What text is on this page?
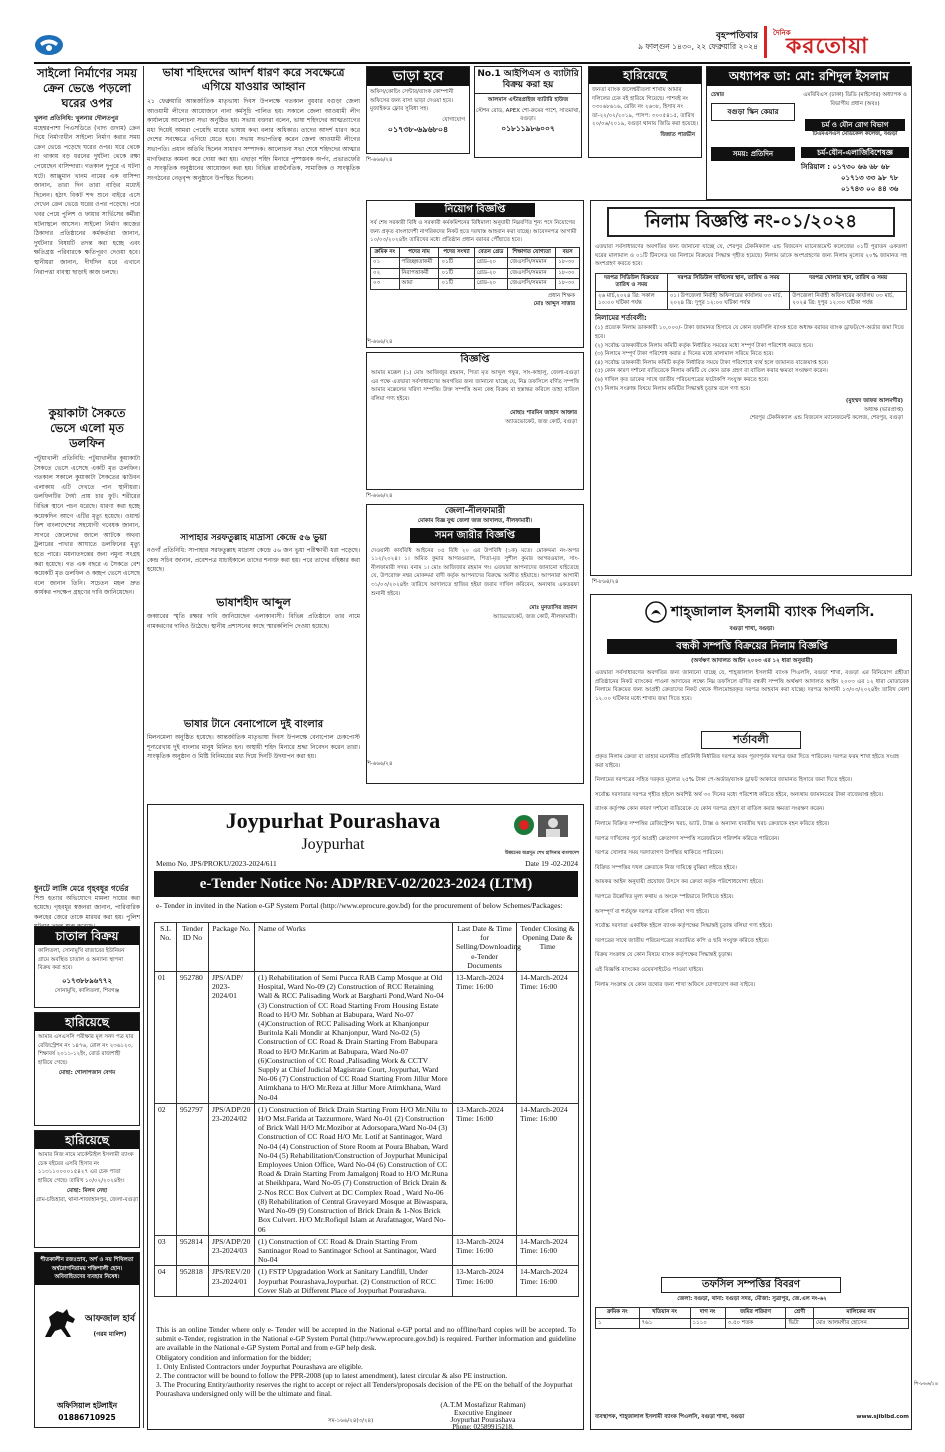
বৃহস্পতিবার
৯ ফাল্গুন ১৪৩০, ২২ ফেব্রুয়ারি ২০২৪
দৈনিক
করতোয়া
সাইলো নির্মাণের সময় ক্রেন ভেঙে পড়লো ঘরের ওপর
খুলনা প্রতিনিধি: খুলনার দৌলতপুর
মহেশ্বরপাশা পিএসডিতে (খাদ্য গুদাম) ক্রেন দিয়ে নির্মাণাধীন সাইলো নির্মাণ করার সময় ক্রেন ভেঙে পড়েছে ঘরের ওপর। ঘরে থেকে না থাকায় বড় ধরনের দুর্ঘটনা থেকে রক্ষা পেয়েছেন বাসিন্দারা। গতকাল দুপুরে এ ঘটনা ঘটে। আঞ্জুমান খানম নামের এক বাসিন্দা জানান, তারা দিন তারা বাড়ির মধ্যেই ছিলেন। হঠাৎ বিকট শব্দ শুনে বাইরে এসে দেখেন ক্রেন ভেঙে ঘরের ওপর পড়েছে। পরে খবর পেয়ে পুলিশ ও ফায়ার সার্ভিসের কর্মীরা ঘটনাস্থলে আসেন। সাইলো নির্মাণ কাজের ঠিকাদার প্রতিষ্ঠানের কর্মকর্তারা জানান, দুর্ঘটনার বিষয়টি তদন্ত করা হচ্ছে এবং ক্ষতিগ্রস্ত পরিবারকে ক্ষতিপূরণ দেওয়া হবে। স্থানীয়রা জানান, দীর্ঘদিন ধরে এখানে নিরাপত্তা ব্যবস্থা ছাড়াই কাজ চলছে।
কুয়াকাটা সৈকতে ভেসে এলো মৃত ডলফিন
পটুয়াখালী প্রতিনিধি: পটুয়াখালীর কুয়াকাটা সৈকতে ভেসে এসেছে একটি মৃত ডলফিন। গতকাল সকালে কুয়াকাটা সৈকতের ঝাউবন এলাকায় এটি দেখতে পান স্থানীয়রা। ডলফিনটির দৈর্ঘ্য প্রায় চার ফুট। শরীরের বিভিন্ন স্থানে পচন ধরেছে। ধারণা করা হচ্ছে কয়েকদিন আগে এটির মৃত্যু হয়েছে। ওয়ার্ল্ড ফিশ বাংলাদেশের সহযোগী গবেষক জানান, সাগরে জেলেদের জালে আটকে অথবা ট্রলারের পাখার আঘাতে ডলফিনের মৃত্যু হতে পারে। ময়নাতদন্তের জন্য নমুনা সংগ্রহ করা হয়েছে। গত এক বছরে এ সৈকতে বেশ কয়েকটি মৃত ডলফিন ও কচ্ছপ ভেসে এসেছে বলে জানান তিনি। সচেতন মহল দ্রুত কার্যকর পদক্ষেপ গ্রহণের দাবি জানিয়েছেন।
ধুনটে লাঙ্গি মেরে গৃহবধূর গর্ভের
শিশু হত্যার অভিযোগে মামলা দায়ের করা হয়েছে। গৃহবধূর স্বজনরা জানান, পারিবারিক কলহের জেরে তাকে মারধর করা হয়। পুলিশ
চাতাল বিক্রয়
কালিতলা, সোনামুখি বাজারের ইউনিয়ন গ্রামে অবস্থিত চাতাল ও অন্যান্য স্থাপনা বিক্রয় করা হবে।
০১৭৩৮৮৯৬৭৭২
সোনামুখি, কালিতলা, শিবগঞ্জ
হারিয়েছে
আমার এসএসসি পরীক্ষার মূল সনদ পত্র যার রেজিস্ট্রেশন নং ১৪৭৬, রোল নং ২৩৬১২০, শিক্ষাবর্ষ ২০১১-১২ইং, বোর্ড রাজশাহী হারিয়ে গেছে।
মোছা: গোলাপজান বেগম
হারিয়েছে
আমার নিজ নামে মার্কেন্টাইল ইসলামী ব্যাংক চেক বইয়ের এসবি হিসাব নং ১১৩১১০০০০১৫৪২৭ এর চেক পাতা হারিয়ে গেছে। তারিখ ১০/০২/২০২৪ইং।
মোছা: মিলন নেছা
গ্রাম-চন্ডিহারা, থানা-শাজাহানপুর, জেলা-বগুড়া
শীতকালীন রজঃস্রাব, অর্শ ও নয় শিথিলতা অর্শ্বরোগনিরাময় শক্তিশালী হোন। অবিবাহিতদের ব্যবহার নিষেধ।
আফজাল হার্ব
(গরম মালিশ)
অফিসিয়াল হটলাইন 01886710925
ভাষা শহিদদের আদর্শ ধারণ করে সবক্ষেত্রে এগিয়ে যাওয়ার আহ্বান
২১ ফেব্রুয়ারি আন্তর্জাতিক মাতৃভাষা দিবস উপলক্ষে গতকাল বুধবার বগুড়া জেলা আওয়ামী লীগের আয়োজনে নানা কর্মসূচি পালিত হয়। সকালে জেলা আওয়ামী লীগ কার্যালয়ে আলোচনা সভা অনুষ্ঠিত হয়। সভায় বক্তারা বলেন, ভাষা শহিদদের আত্মত্যাগের মধ্য দিয়েই আমরা পেয়েছি মায়ের ভাষায় কথা বলার অধিকার। তাদের আদর্শ ধারণ করে দেশের সবক্ষেত্রে এগিয়ে যেতে হবে। সভায় সভাপতিত্ব করেন জেলা আওয়ামী লীগের সভাপতি। প্রধান অতিথি ছিলেন সাধারণ সম্পাদক। আলোচনা সভা শেষে শহিদদের আত্মার মাগফিরাত কামনা করে দোয়া করা হয়। এছাড়া শহিদ মিনারে পুষ্পস্তবক অর্পণ, প্রভাতফেরি ও সাংস্কৃতিক অনুষ্ঠানের আয়োজন করা হয়। বিভিন্ন রাজনৈতিক, সামাজিক ও সাংস্কৃতিক সংগঠনের নেতৃবৃন্দ অনুষ্ঠানে উপস্থিত ছিলেন।
সাপাহার সরফতুল্লাহ মাদ্রাসা কেন্দ্রে ৫৬ ভুয়া
নওগাঁ প্রতিনিধি: সাপাহার সরফতুল্লাহ মাদ্রাসা কেন্দ্রে ৫৬ জন ভুয়া পরীক্ষার্থী ধরা পড়েছে। কেন্দ্র সচিব জানান, প্রবেশপত্র যাচাইকালে তাদের শনাক্ত করা হয়। পরে তাদের বহিষ্কার করা হয়েছে।
ভাষাশহীদ আব্দুল
জব্বারের স্মৃতি রক্ষার দাবি জানিয়েছেন এলাকাবাসী। বিভিন্ন প্রতিষ্ঠানে তার নামে নামকরণের দাবিও উঠেছে। স্থানীয় প্রশাসনের কাছে স্মারকলিপি দেওয়া হয়েছে।
ভাষার টানে বেনাপোলে দুই বাংলার
মিলনমেলা অনুষ্ঠিত হয়েছে। আন্তর্জাতিক মাতৃভাষা দিবস উপলক্ষে বেনাপোল চেকপোস্ট শূন্যরেখায় দুই বাংলার মানুষ মিলিত হন। অস্থায়ী শহিদ মিনারে শ্রদ্ধা নিবেদন করেন তারা। সাংস্কৃতিক অনুষ্ঠান ও মিষ্টি বিনিময়ের মধ্য দিয়ে দিনটি উদযাপন করা হয়।
ভাড়া হবে
অফিস/কোচিং সেন্টার/ব্যাংক কোম্পানী অফিসের জন্য বাসা ভাড়া দেওয়া হবে। মুজাইকড ফ্লোর সুবিধা সহ।
যোগাযোগ
০১৭৩৮-৬৯৬৮০৪
শি-৬৬৬/২৪
No.1 আইপিএস ও ব্যাটারি বিক্রয় করা হয়
আলমাস এন্টারপ্রাইজ ব্যাটারি হাউজ
স্টেশন রোড, APEX শো-রুমের পাশে, সাতমাথা, বগুড়া।
০১৮১১৯৮৬০০৭
হারিয়েছে
জনতা ব্যাংক জলেশ্বরীতলা শাখায় আমার দলিলের চেক বই হারিয়ে গিয়েছে। পাশবই নং ৩৩০৬৮৬১৬, রেজি নং ২৬৩৮, হিসাব নং তা-২২/০২/২০১৯, পাসপ: ৩০০৫৪১৫, তারিখ ২০/০৬/২০১৯, বগুড়া থানায় জিডি করা হয়েছে।
জিন্নাত পারভীন
অধ্যাপক ডা: মো: রশিদুল ইসলাম
চেম্বার
বগুড়া স্কিন কেয়ার
সময়: প্রতিদিন
এমবিবিএস (ঢাকা) ডিডি (মাইসোর) অধ্যাপক ও বিভাগীয় প্রধান (অবঃ)
চর্ম ও যৌন রোগ বিভাগ
টিএমএসএস মেডিকেল কলেজ, বগুড়া
চর্ম-যৌন-এলার্জিবিশেষজ্ঞ
সিরিয়াল : ০১৭৩০ ৬৬ ৬৮ ৬৮
০১৭১৩ ৩৩ ৯৮ ৭৮
০১৭৪৩ ০০ ৪৪ ৩৬
নিয়োগ বিজ্ঞপ্তি
সর্ব শেষ সরকারী বিধি ও সরকারী কর্মকমিশনের বিধিমালা অনুযায়ী নিম্নবর্ণিত শূন্য পদে নিয়োগের জন্য প্রকৃত বাংলাদেশী নাগরিকদের নিকট হতে দরখাস্ত আহবান করা যাচ্ছে। আবেদনপত্র আগামী ১০/০৩/২০২৪ইং তারিখের মধ্যে প্রতিষ্ঠান প্রধান বরাবর পৌঁছাতে হবে।
ক্রমিক নং	পদের নাম	পদের সংখ্যা	বেতন গ্রেড	শিক্ষাগত যোগ্যতা	বয়স
০১	পরিচ্ছন্নতাকর্মী	০১টি	গ্রেড-২০	জেএসসি/সমমান	১৮-৩০
০২	নিরাপত্তাকর্মী	০১টি	গ্রেড-২০	জেএসসি/সমমান	১৮-৩০
০৩	আয়া	০১টি	গ্রেড-২০	জেএসসি/সমমান	১৮-৩০
প্রধান শিক্ষক
মোঃ আব্দুস সাত্তার
শি-৬৬৬/২৪
বিজ্ঞপ্তি
আমার মক্কেল (১) মোঃ আজিজুর রহমান, পিতা মৃত আব্দুল গফুর, সাং-কাহালু, জেলা-বগুড়া এর পক্ষে এতদ্বারা সর্বসাধারণের অবগতির জন্য জানানো যাচ্ছে যে, নিম্ন তফসিলে বর্ণিত সম্পত্তি আমার মক্কেলের খরিদা সম্পত্তি। উক্ত সম্পত্তি অন্য কেহ বিক্রয় বা হস্তান্তর করিলে তাহা বাতিল বলিয়া গণ্য হইবে।
মোছাঃ শারমিন জাহান আক্তার
অ্যাডভোকেট, জজ কোর্ট, বগুড়া
শি-৬৬৬/২৪
জেলা-নীলফামারী
মোকাম বিজ্ঞ যুগ্ম জেলা জজ আদালত, নীলফামারী।
সমন জারীর বিজ্ঞপ্তি
দেওয়ানী কার্যবিধি আইনের ০৫ বিধি ২০ এর উপবিধি (১ক) মতে। মোকদ্দমা নং-অপর ১১২/২০২৪। ১। অমিত কুমার আগরওয়াল, পিতা-মৃত সুশীল কুমার আগরওয়াল, সাং-নীলফামারী সদর। বনাম ১। মোঃ আজিজার রহমান গং। এতদ্বারা আপনাদের জানানো যাইতেছে যে, উপরোক্ত নম্বর মোকদ্দমা বাদী কর্তৃক আপনাদের বিরুদ্ধে আনীত হইয়াছে। আপনারা আগামী ৩১/০৩/২০২৪ইং তারিখে আদালতে হাজির হইয়া জবাব দাখিল করিবেন, অন্যথায় একতরফা শুনানী হইবে।
মোঃ মুনতাসির রহমান
অ্যাডভোকেট, জজ কোর্ট, নীলফামারী।
শি-৬৬৬/২৪
নিলাম বিজ্ঞপ্তি নং-০১/২০২৪
এতদ্বারা সর্বসাধারণের অবগতির জন্য জানানো যাচ্ছে যে, শেরপুর টেকনিক্যাল এন্ড বিজনেস ম্যানেজমেন্ট কলেজের ০১টি পুরাতন একতলা ঘরের মালামাল ও ০১টি টিনসেড ঘর নিলামে বিক্রয়ের সিদ্ধান্ত গৃহীত হয়েছে। নিলাম ডাকে অংশগ্রহণের জন্য নিলাম মূল্যের ২০% জামানত সহ অংশগ্রহণ করতে হবে।
দরপত্র সিডিউল বিক্রয়ের তারিখ ও সময়	দরপত্র সিডিউল দাখিলের স্থান, তারিখ ও সময়	দরপত্র খোলার স্থান, তারিখ ও সময়
২৬ মার্চ,২০২৪ খ্রি: সকাল ১০:০০ ঘটিকা পর্যন্ত	০১। উপজেলা নির্বাহী অফিসারের কার্যালয় ০৩ মার্চ, ২০২৪ খ্রি: দুপুর ১২:০০ ঘটিকা পর্যন্ত	উপজেলা নির্বাহী অফিসারের কার্যালয় ০৩ মার্চ, ২০২৪ খ্রি: দুপুর ১২:৩০ ঘটিকা পর্যন্ত
নিলামের শর্তাবলী:
(১) প্রত্যেক নিলাম ডাককারী ১০,০০০/- টাকা জামানত হিসাবে যে কোন তফসিলি ব্যাংক হতে অধ্যক্ষ বরাবর ব্যাংক ড্রাফট/পে-অর্ডার জমা দিতে হবে।
(২) সর্বোচ্চ ডাককারীকে নিলাম কমিটি কর্তৃক নির্ধারিত সময়ের মধ্যে সম্পূর্ণ টাকা পরিশোধ করতে হবে।
(৩) নিলামে সম্পূর্ণ টাকা পরিশোধ করার ৫ দিনের মধ্যে মালামাল সরিয়ে নিতে হবে।
(৪) সর্বোচ্চ ডাককারী নিলাম কমিটি কর্তৃক নির্ধারিত সময়ে টাকা পরিশোধে ব্যর্থ হলে জামানত বাজেয়াপ্ত হবে।
(৫) কোন কারণ দর্শানো ব্যতিরেকে নিলাম কমিটি যে কোন ডাক গ্রহণ বা বাতিল করার ক্ষমতা সংরক্ষণ করেন।
(৬) দাখিল কৃত ডাকের সাথে জাতীয় পরিচয়পত্রের ফটোকপি সংযুক্ত করতে হবে।
(৭) নিলাম সংক্রান্ত বিষয়ে নিলাম কমিটির সিদ্ধান্তই চূড়ান্ত বলে গণ্য হবে।
(মুহম্মদ জাফর আলমগীর)
অধ্যক্ষ (ভারপ্রাপ্ত)
শেরপুর টেকনিক্যাল এন্ড বিজনেস ম্যানেজমেন্ট কলেজ, শেরপুর, বগুড়া
শি-৮৬৪/২৪
শাহ্‌জালাল ইসলামী ব্যাংক পিএলসি.
বগুড়া শাখা, বগুড়া।
বন্ধকী সম্পত্তি বিক্রয়ের নিলাম বিজ্ঞপ্তি
(অর্থঋণ আদালত আইন ২০০৩ এর ১২ ধারা অনুযায়ী)
এতদ্বারা সর্বসাধারণের অবগতির জন্য জানানো যাচ্ছে যে, শাহ্‌জালাল ইসলামী ব্যাংক পিএলসি, বগুড়া শাখা, বগুড়া এর বিনিয়োগ গ্রহীতা প্রতিষ্ঠানের নিকট ব্যাংকের পাওনা আদায়ের লক্ষ্যে নিম্ন তফসিলে বর্ণিত বন্ধকী সম্পত্তি অর্থঋণ আদালত আইন ২০০৩ এর ১২ ধারা মোতাবেক নিলামে বিক্রয়ের জন্য আগ্রহী ক্রেতাদের নিকট থেকে সীলমোহরকৃত দরপত্র আহবান করা যাচ্ছে। দরপত্র আগামী ১৩/০৩/২০২৪ইং তারিখ বেলা ১২.০০ ঘটিকার মধ্যে শাখায় জমা দিতে হবে।
শর্তাবলী
প্রকৃত নিলাম ক্রেতা বা তাহার মনোনীত প্রতিনিধি নির্ধারিত দরপত্র ফরম পূরণপূর্বক দরপত্র জমা দিতে পারিবেন। দরপত্র ফরম শাখা হইতে সংগ্রহ করা যাইবে।
নিলামের দরপত্রের সহিত দরকৃত মূল্যের ২৫% টাকা পে-অর্ডার/ব্যাংক ড্রাফট আকারে জামানত হিসাবে জমা দিতে হইবে।
সর্বোচ্চ দরদাতার দরপত্র গৃহীত হইলে অবশিষ্ট অর্থ ৩০ দিনের মধ্যে পরিশোধ করিতে হইবে, অন্যথায় জামানতের টাকা বাজেয়াপ্ত হইবে।
ব্যাংক কর্তৃপক্ষ কোন কারণ দর্শানো ব্যতিরেকে যে কোন দরপত্র গ্রহণ বা বাতিল করার ক্ষমতা সংরক্ষণ করেন।
নিলামে বিক্রিত সম্পত্তির রেজিস্ট্রেশন খরচ, ভ্যাট, ট্যাক্স ও অন্যান্য যাবতীয় খরচ ক্রেতাকে বহন করিতে হইবে।
দরপত্র দাখিলের পূর্বে আগ্রহী ক্রেতাগণ সম্পত্তি সরেজমিনে পরিদর্শন করিতে পারিবেন।
দরপত্র খোলার সময় দরদাতাগণ উপস্থিত থাকিতে পারিবেন।
বিক্রিত সম্পত্তির দখল ক্রেতাকে নিজ দায়িত্বে বুঝিয়া লইতে হইবে।
আয়কর আইন অনুযায়ী প্রযোজ্য উৎসে কর ক্রেতা কর্তৃক পরিশোধযোগ্য হইবে।
দরপত্রে উল্লেখিত মূল্য কথায় ও অংকে স্পষ্টভাবে লিখিতে হইবে।
অসম্পূর্ণ বা শর্তযুক্ত দরপত্র বাতিল বলিয়া গণ্য হইবে।
সর্বোচ্চ দরদাতা একাধিক হইলে ব্যাংক কর্তৃপক্ষের সিদ্ধান্তই চূড়ান্ত বলিয়া গণ্য হইবে।
দরপত্রের সাথে জাতীয় পরিচয়পত্রের সত্যায়িত কপি ও ছবি সংযুক্ত করিতে হইবে।
বিক্রয় সংক্রান্ত যে কোন বিষয়ে ব্যাংক কর্তৃপক্ষের সিদ্ধান্তই চূড়ান্ত।
এই বিজ্ঞপ্তি ব্যাংকের ওয়েবসাইটেও পাওয়া যাইবে।
নিলাম সংক্রান্ত যে কোন তথ্যের জন্য শাখা অফিসে যোগাযোগ করা যাইবে।
তফসিল সম্পত্তির বিবরণ
জেলা: বগুড়া, থানা: বগুড়া সদর, মৌজা: সুত্রাপুর, জে.এল নং-৬২
ক্রমিক নং	খতিয়ান নং	দাগ নং	জমির পরিমাণ	শ্রেণী	মালিকের নাম
১	৭৬১	১১১০	৩.৫০ শতক	ভিটা	মোঃ আলমগীর হোসেন
ব্যবস্থাপক, শাহ্‌জালাল ইসলামী ব্যাংক পিএলসি, বগুড়া শাখা, বগুড়া	www.sjiblbd.com
শি-৮৬৬/২৪
Joypurhat Pourashava
Joypurhat
উন্নয়নের অগ্রদূত শেখ হাসিনার বাংলাদেশ
Memo No. JPS/PROKU/2023-2024/611	Date 19 -02-2024
e-Tender Notice No: ADP/REV-02/2023-2024 (LTM)
e- Tender in invited in the Nation e-GP System Portal (http://www.eprocure.gov.bd) for the procurement of below Schemes/Packages:
S.L No.	Tender ID No	Package No.	Name of Works	Last Date & Time for Selling/Downloading e-Tender Documents	Tender Closing & Opening Date & Time
01	952780	JPS/ADP/ 2023-2024/01	(1) Rehabilitation of Semi Pucca RAB Camp Mosque at Old Hospital, Ward No-09 (2) Construction of RCC Retaining Wall & RCC Palisading Work at Bargharti Pond,Ward No-04 (3) Construction of CC Road Starting From Housing Estate Road to H/O Mr. Sobhan at Babupara, Ward No-07 (4)Construction of RCC Palisading Work at Khanjonpur Buritola Kali Mondir at Khanjonpur, Ward No-02 (5) Construction of CC Road & Drain Starting From Babupara Road to H/O Mr.Karim at Babupara, Ward No-07 (6)Construction of CC Road ,Palisading Work & CCTV Supply at Chief Judicial Magistrate Court, Joypurhat, Ward No-06 (7) Construction of CC Road Starting From Jillur More Atimkhana to H/O Mr.Reza at Jillur More Atimkhana, Ward No-04	13-March-2024 Time: 16:00	14-March-2024 Time: 16:00
02	952797	JPS/ADP/20 23-2024/02	(1) Construction of Brick Drain Starting From H/O Mr.Nilu to H/O Mst.Farida at Tazzurmore, Ward No-01 (2) Construction of Brick Wall H/O Mr.Mozibor at Adorsopara,Ward No-04 (3) Construction of CC Road H/O Mr. Lotif at Santinagor, Ward No-04 (4) Construction of Store Room at Poura Bhaban, Ward No-04 (5) Rehabilitation/Construction of Joypurhat Municipal Employees Union Office, Ward No-04 (6) Construction of CC Road & Drain Starting From Jamalgonj Road to H/O Mr.Runa at Sheikhpara, Ward No-05 (7) Construction of Brick Drain & 2-Nos RCC Box Culvert at DC Complex Road , Ward No-06 (8) Rehabilitation of Central Graveyard Mosque at Biwaspara, Ward No-09 (9) Construction of Brick Drain & 1-Nos Brick Box Culvert. H/O Mr.Rofiqul Islam at Arafatnagor, Ward No-06	13-March-2024 Time: 16:00	14-March-2024 Time: 16:00
03	952814	JPS/ADP/20 23-2024/03	(1) Construction of CC Road & Drain Starting From Santinagor Road to Santinagor School at Santinagor, Ward No-04	13-March-2024 Time: 16:00	14-March-2024 Time: 16:00
04	952818	JPS/REV/20 23-2024/01	(1) FSTP Upgradation Work at Sanitary Landfill, Under Joypurhat Pourashava,Joypurhat. (2) Construction of RCC Cover Slab at Different Place of Joypurhat Pourashava.	13-March-2024 Time: 16:00	14-March-2024 Time: 16:00
This is an online Tender where only e- Tender will be accepted in the National e-GP portal and no offline/hard copies will be accepted. To submit e-Tender, registration in the National e-GP System Portal (http://www.eprocure.gov.bd) is required. Further information and guideline are available in the National e-GP System Portal and from e-GP help desk.
Obligatory condition and information for the bidder;
1. Only Enlisted Contractors under Joypurhat Pourashava are eligible.
2. The contractor will be bound to follow the PPR-2008 (up to latest amendment), latest circular & also PE instruction.
3. The Procuring Entity/authority reserves the right to accept or reject all Tenders/proposals decision of the PE on the behalf of the Joypurhat Pourashava undersigned only will be the ultimate and final.
(A.T.M Mostafizur Rahman)
Executive Engineer
Joypurhat Pourashava
Phone: 02589915218.
সম-১৬৬/২৪(৩/২৪)
